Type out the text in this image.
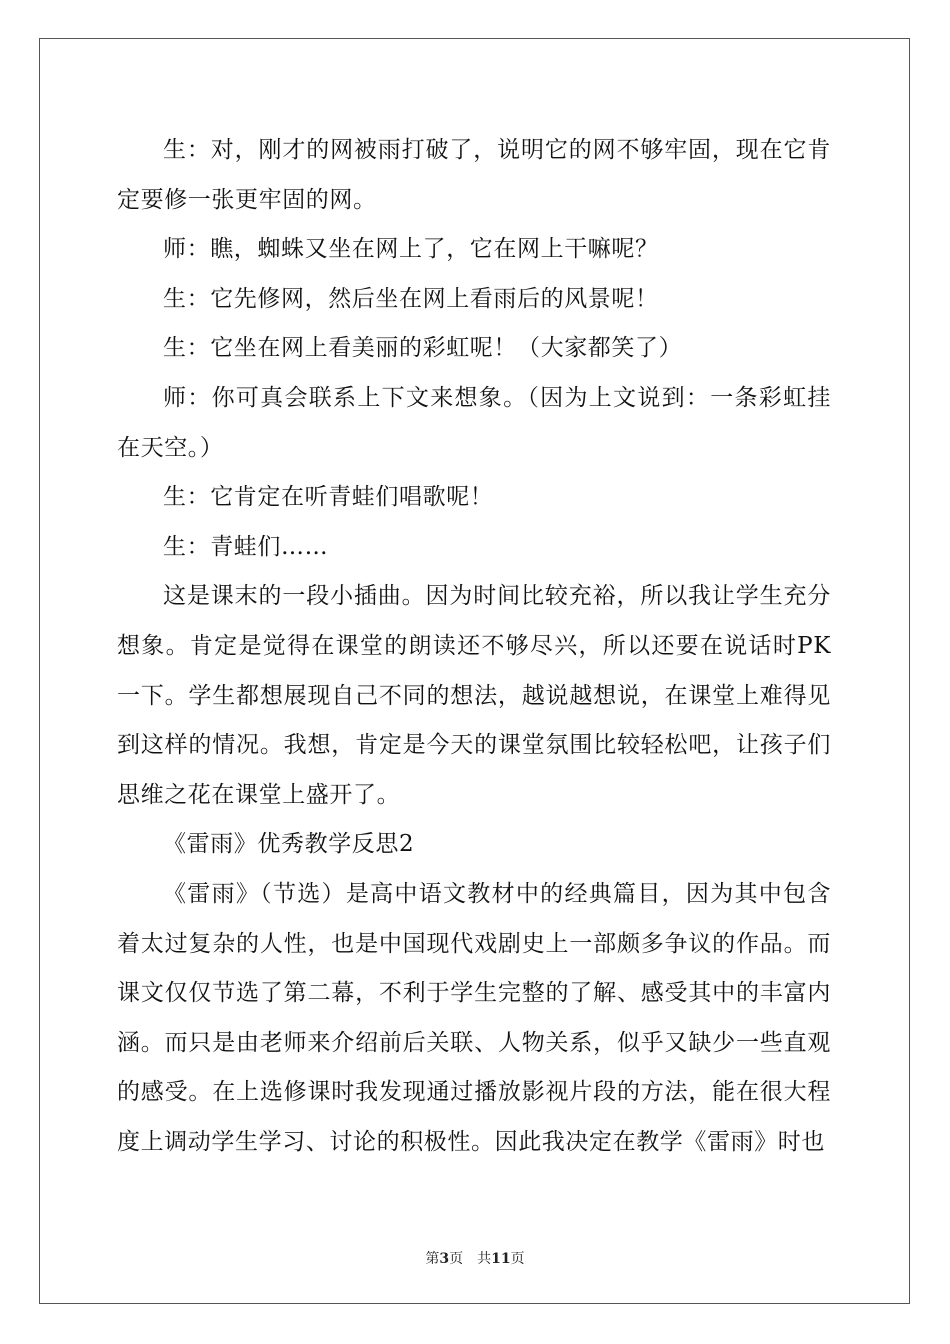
生：对，刚才的网被雨打破了，说明它的网不够牢固，现在它肯定要修一张更牢固的网。

师：瞧，蜘蛛又坐在网上了，它在网上干嘛呢？

生：它先修网，然后坐在网上看雨后的风景呢！

生：它坐在网上看美丽的彩虹呢！（大家都笑了）

师：你可真会联系上下文来想象。（因为上文说到：一条彩虹挂在天空。）

生：它肯定在听青蛙们唱歌呢！

生：青蛙们……

这是课末的一段小插曲。因为时间比较充裕，所以我让学生充分想象。肯定是觉得在课堂的朗读还不够尽兴，所以还要在说话时PK一下。学生都想展现自己不同的想法，越说越想说，在课堂上难得见到这样的情况。我想，肯定是今天的课堂氛围比较轻松吧，让孩子们思维之花在课堂上盛开了。

《雷雨》优秀教学反思2

《雷雨》（节选）是高中语文教材中的经典篇目，因为其中包含着太过复杂的人性，也是中国现代戏剧史上一部颇多争议的作品。而课文仅仅节选了第二幕，不利于学生完整的了解、感受其中的丰富内涵。而只是由老师来介绍前后关联、人物关系，似乎又缺少一些直观的感受。在上选修课时我发现通过播放影视片段的方法，能在很大程度上调动学生学习、讨论的积极性。因此我决定在教学《雷雨》时也

第3页 共11页
